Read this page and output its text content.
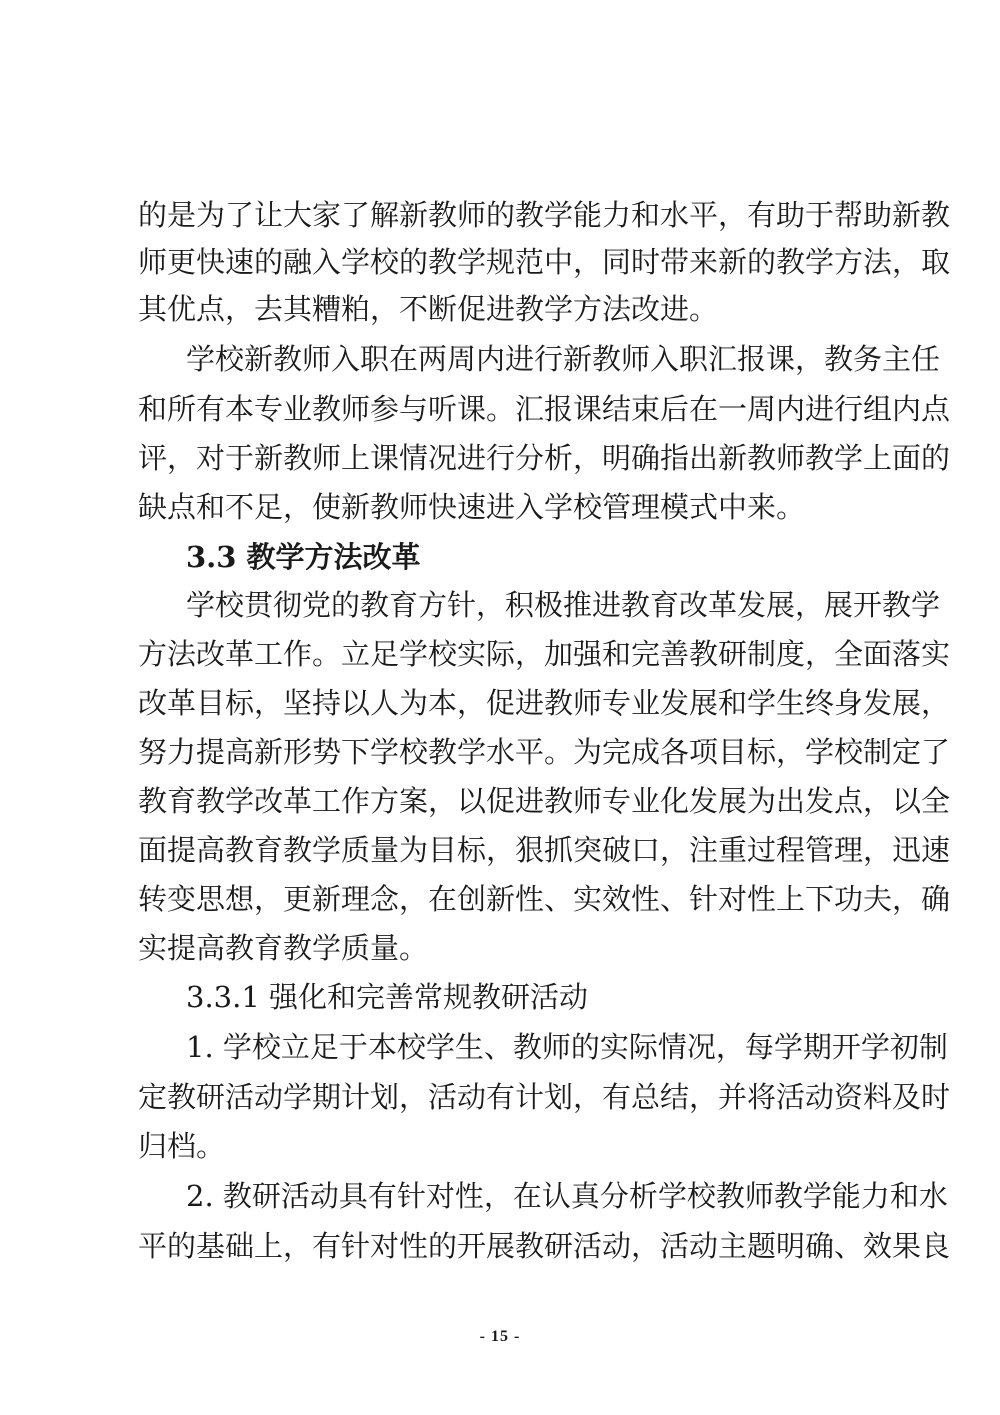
的是为了让大家了解新教师的教学能力和水平，有助于帮助新教
师更快速的融入学校的教学规范中，同时带来新的教学方法，取
其优点，去其糟粕，不断促进教学方法改进。
学校新教师入职在两周内进行新教师入职汇报课，教务主任
和所有本专业教师参与听课。汇报课结束后在一周内进行组内点
评，对于新教师上课情况进行分析，明确指出新教师教学上面的
缺点和不足，使新教师快速进入学校管理模式中来。
3.3 教学方法改革
学校贯彻党的教育方针，积极推进教育改革发展，展开教学
方法改革工作。立足学校实际，加强和完善教研制度，全面落实
改革目标，坚持以人为本，促进教师专业发展和学生终身发展，
努力提高新形势下学校教学水平。为完成各项目标，学校制定了
教育教学改革工作方案，以促进教师专业化发展为出发点，以全
面提高教育教学质量为目标，狠抓突破口，注重过程管理，迅速
转变思想，更新理念，在创新性、实效性、针对性上下功夫，确
实提高教育教学质量。
3.3.1 强化和完善常规教研活动
1. 学校立足于本校学生、教师的实际情况，每学期开学初制
定教研活动学期计划，活动有计划，有总结，并将活动资料及时
归档。
2. 教研活动具有针对性，在认真分析学校教师教学能力和水
平的基础上，有针对性的开展教研活动，活动主题明确、效果良
- 15 -
